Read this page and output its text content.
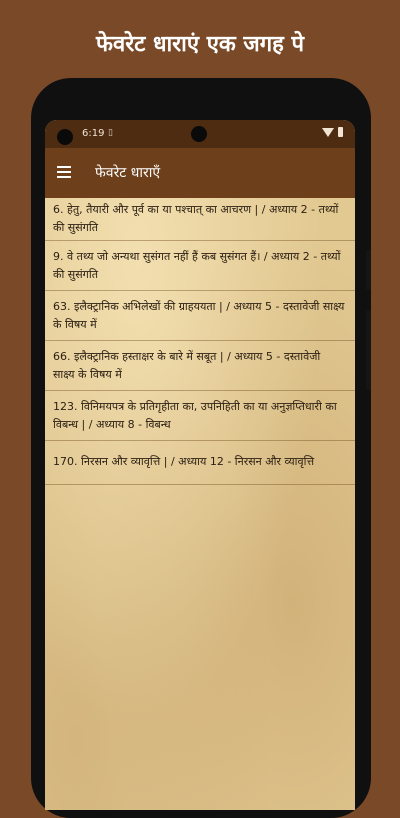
फेवरेट धाराएं एक जगह पे
6:19 ▯
फेवरेट धाराएँ
6. हेतु, तैयारी और पूर्व का या पश्चात् का आचरण | / अध्याय 2 - तथ्यों की सुसंगति
9. वे तथ्य जो अन्यथा सुसंगत नहीं हैं कब सुसंगत हैं। / अध्याय 2 - तथ्यों की सुसंगति
63. इलैक्ट्रानिक अभिलेखों की ग्राहययता | / अध्याय 5 - दस्तावेजी साक्ष्य के विषय में
66. इलैक्ट्रानिक हस्ताक्षर के बारे में सबूत | / अध्याय 5 - दस्तावेजी साक्ष्य के विषय में
123. विनिमयपत्र के प्रतिगृहीता का, उपनिहिती का या अनुज्ञप्तिधारी का विबन्ध | / अध्याय 8 - विबन्ध
170. निरसन और व्यावृत्ति | / अध्याय 12 - निरसन और व्यावृत्ति
